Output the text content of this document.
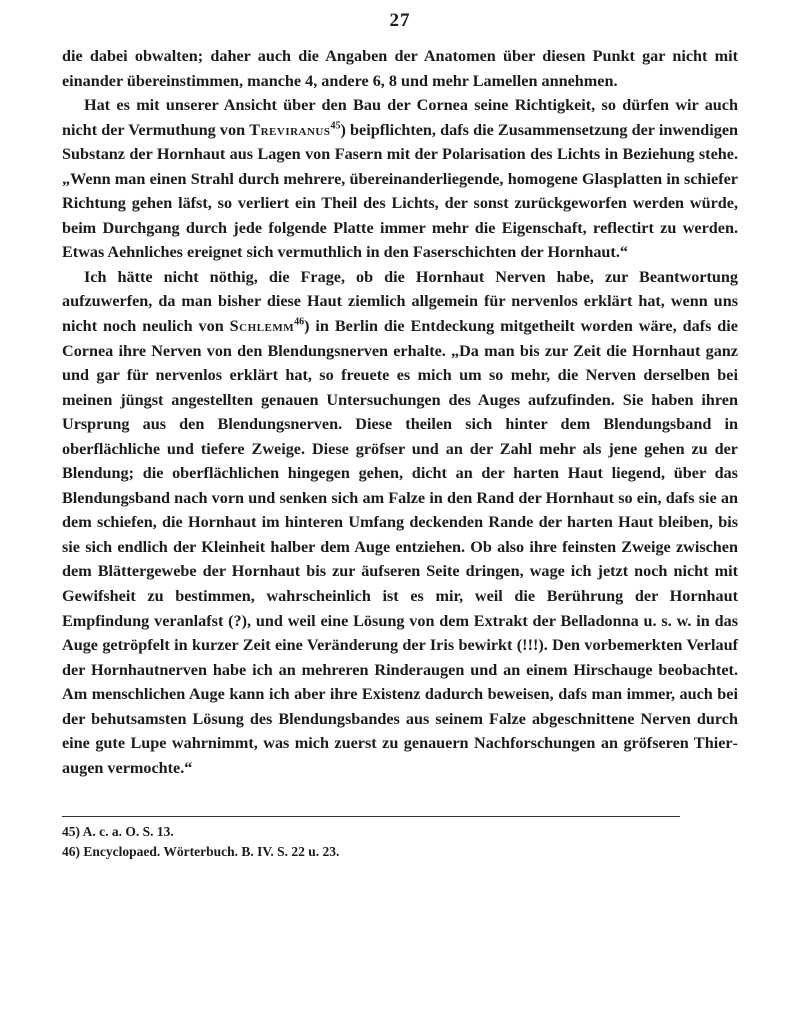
27

die dabei obwalten; daher auch die Angaben der Anatomen über diesen Punkt gar nicht mit einander übereinstimmen, manche 4, andere 6, 8 und mehr Lamellen annehmen.

Hat es mit unserer Ansicht über den Bau der Cornea seine Richtigkeit, so dürfen wir auch nicht der Vermuthung von Treviranus$^{45}$) beipflichten, dafs die Zusammensetzung der inwendigen Substanz der Hornhaut aus Lagen von Fasern mit der Polarisation des Lichts in Beziehung stehe. „Wenn man einen Strahl durch mehrere, übereinanderliegende, homogene Glasplatten in schiefer Richtung gehen läfst, so verliert ein Theil des Lichts, der sonst zurückgeworfen werden würde, beim Durchgang durch jede folgende Platte immer mehr die Eigenschaft, reflectirt zu werden. Etwas Aehnliches ereignet sich vermuthlich in den Faserschichten der Hornhaut.“

Ich hätte nicht nöthig, die Frage, ob die Hornhaut Nerven habe, zur Beantwortung aufzuwerfen, da man bisher diese Haut ziemlich allgemein für nervenlos erklärt hat, wenn uns nicht noch neulich von Schlemm$^{46}$) in Berlin die Entdeckung mitgetheilt worden wäre, dafs die Cornea ihre Nerven von den Blendungsnerven erhalte. „Da man bis zur Zeit die Hornhaut ganz und gar für nervenlos erklärt hat, so freuete es mich um so mehr, die Nerven derselben bei meinen jüngst angestellten genauen Untersuchungen des Auges aufzufinden. Sie haben ihren Ursprung aus den Blendungsnerven. Diese theilen sich hinter dem Blendungsband in oberflächliche und tiefere Zweige. Diese gröfser und an der Zahl mehr als jene gehen zu der Blendung; die oberflächlichen hingegen gehen, dicht an der harten Haut liegend, über das Blendungsband nach vorn und senken sich am Falze in den Rand der Hornhaut so ein, dafs sie an dem schiefen, die Hornhaut im hinteren Umfang deckenden Rande der harten Haut bleiben, bis sie sich endlich der Kleinheit halber dem Auge entziehen. Ob also ihre feinsten Zweige zwischen dem Blättergewebe der Hornhaut bis zur äufseren Seite dringen, wage ich jetzt noch nicht mit Gewifsheit zu bestimmen, wahrscheinlich ist es mir, weil die Berührung der Hornhaut Empfindung veranlafst (?), und weil eine Lösung von dem Extrakt der Belladonna u. s. w. in das Auge getröpfelt in kurzer Zeit eine Veränderung der Iris bewirkt (!!!). Den vorbemerkten Verlauf der Hornhautnerven habe ich an mehreren Rinderaugen und an einem Hirschauge beobachtet. Am menschlichen Auge kann ich aber ihre Existenz dadurch beweisen, dafs man immer, auch bei der behutsamsten Lösung des Blendungsbandes aus seinem Falze abgeschnittene Nerven durch eine gute Lupe wahrnimmt, was mich zuerst zu genauern Nachforschungen an gröfseren Thieraugen vermochte.“

45) A. c. a. O. S. 13.
46) Encyclopaed. Wörterbuch. B. IV. S. 22 u. 23.
